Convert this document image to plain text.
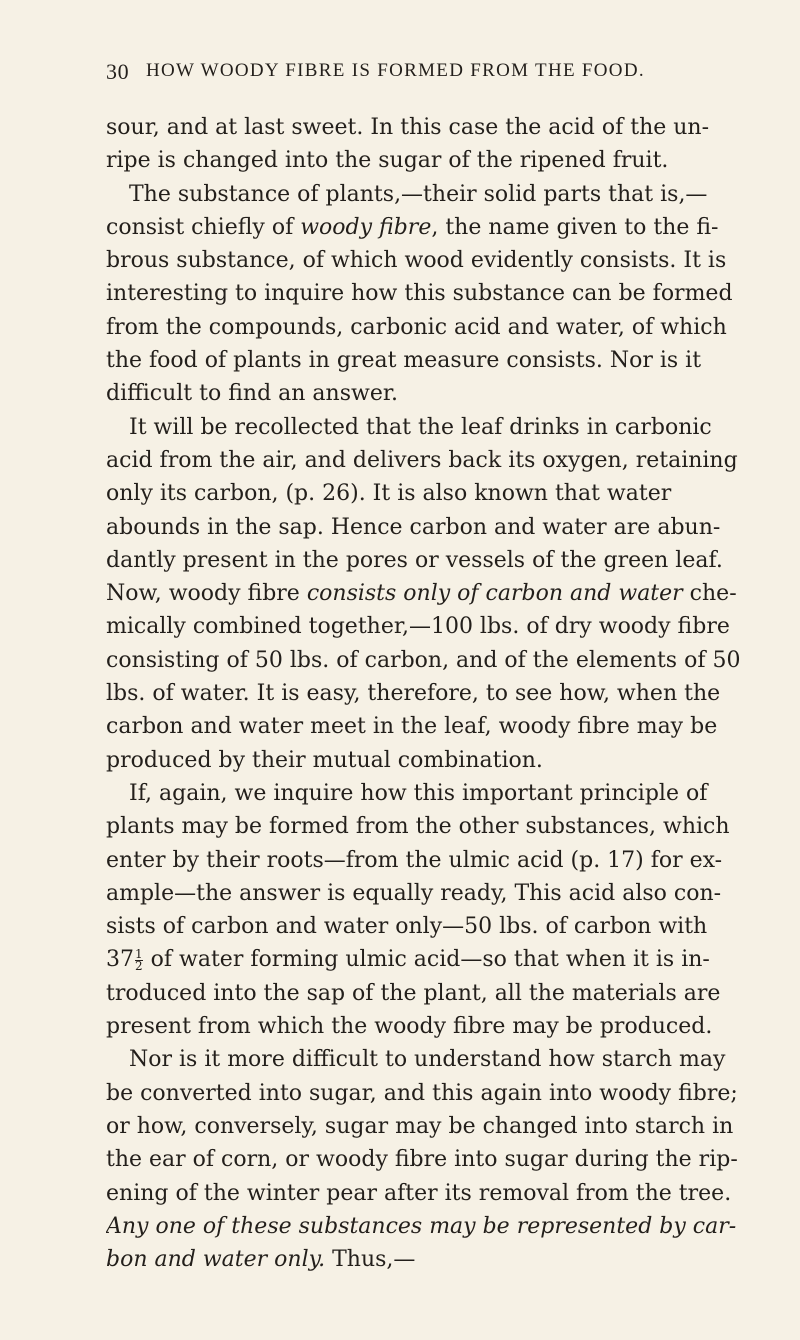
30 HOW WOODY FIBRE IS FORMED FROM THE FOOD.
sour, and at last sweet. In this case the acid of the un-
ripe is changed into the sugar of the ripened fruit.
The substance of plants,—their solid parts that is,—
consist chiefly of woody fibre, the name given to the fi-
brous substance, of which wood evidently consists. It is
interesting to inquire how this substance can be formed
from the compounds, carbonic acid and water, of which
the food of plants in great measure consists. Nor is it
difficult to find an answer.
It will be recollected that the leaf drinks in carbonic
acid from the air, and delivers back its oxygen, retaining
only its carbon, (p. 26). It is also known that water
abounds in the sap. Hence carbon and water are abun-
dantly present in the pores or vessels of the green leaf.
Now, woody fibre consists only of carbon and water che-
mically combined together,—100 lbs. of dry woody fibre
consisting of 50 lbs. of carbon, and of the elements of 50
lbs. of water. It is easy, therefore, to see how, when the
carbon and water meet in the leaf, woody fibre may be
produced by their mutual combination.
If, again, we inquire how this important principle of
plants may be formed from the other substances, which
enter by their roots—from the ulmic acid (p. 17) for ex-
ample—the answer is equally ready, This acid also con-
sists of carbon and water only—50 lbs. of carbon with
$37 \frac{1}{2}$ of water forming ulmic acid—so that when it is in-
troduced into the sap of the plant, all the materials are
present from which the woody fibre may be produced.
Nor is it more difficult to understand how starch may
be converted into sugar, and this again into woody fibre;
or how, conversely, sugar may be changed into starch in
the ear of corn, or woody fibre into sugar during the rip-
ening of the winter pear after its removal from the tree.
Any one of these substances may be represented by car-
bon and water only. Thus,—
